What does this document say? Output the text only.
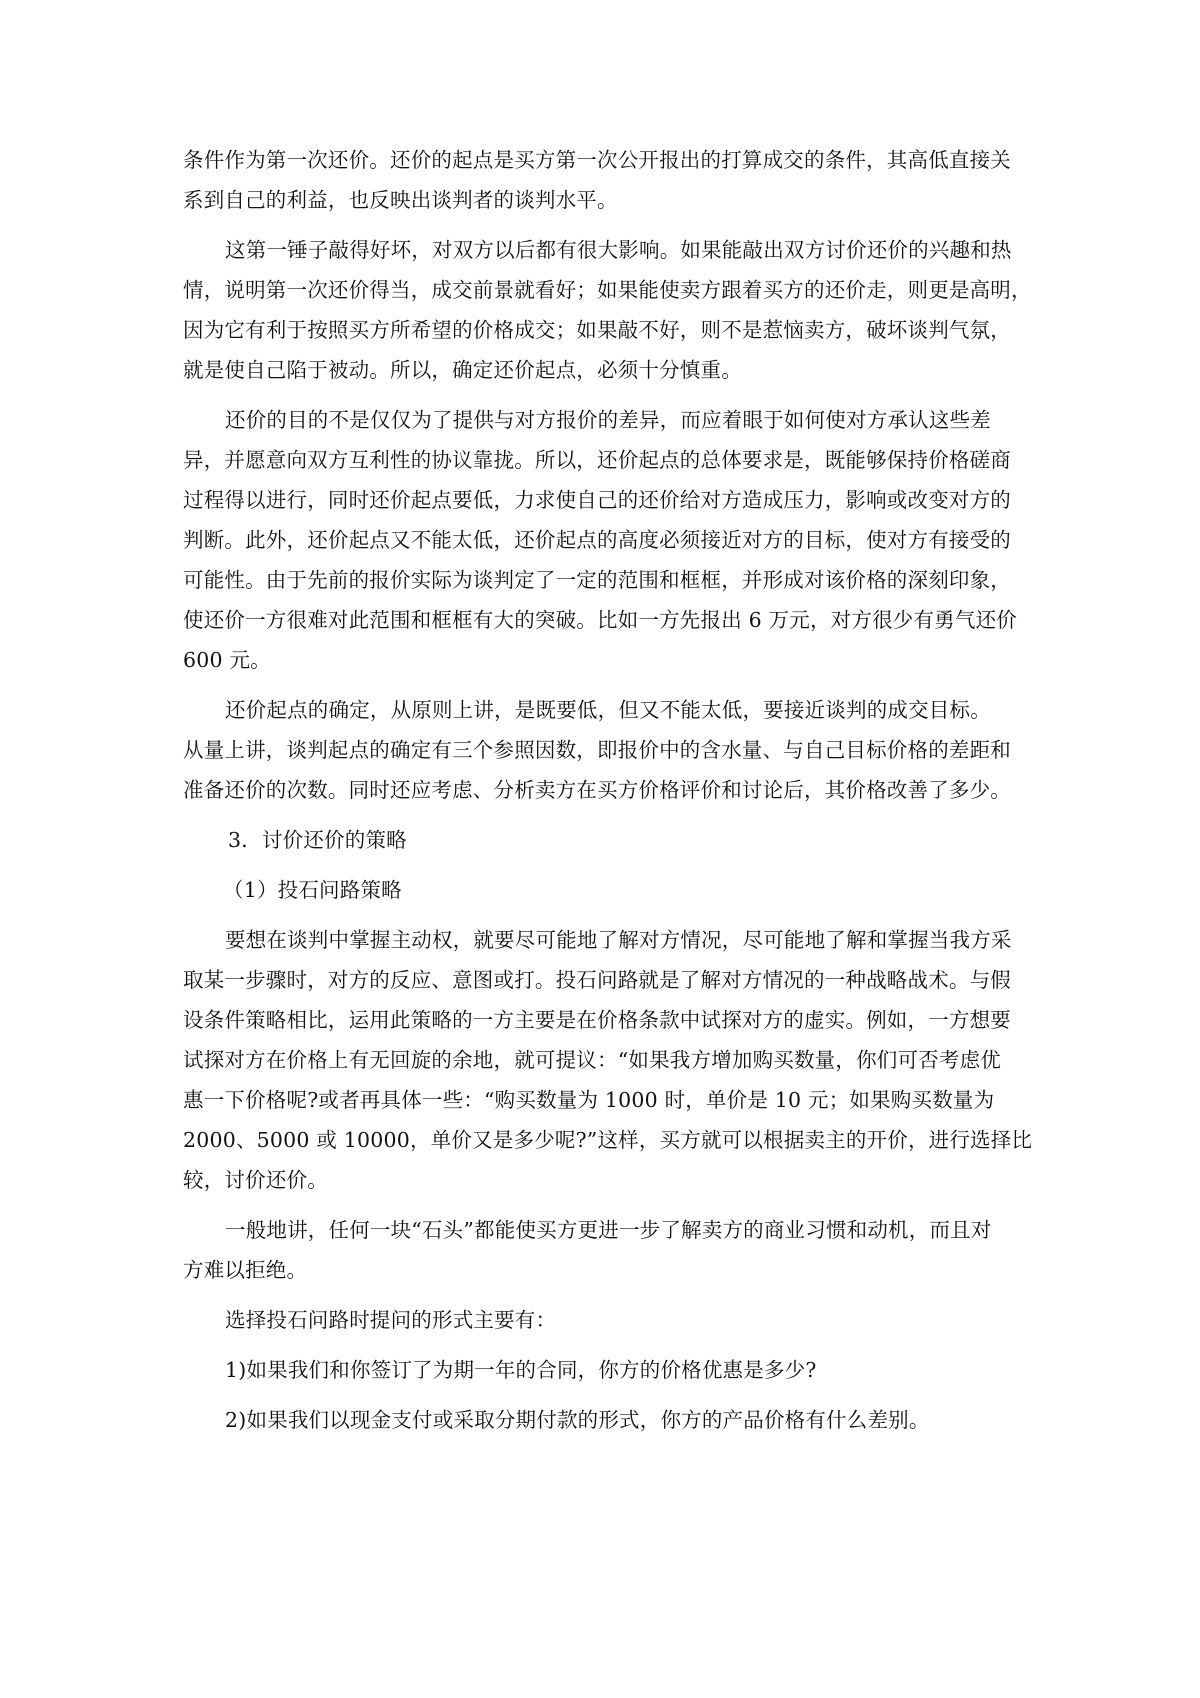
条件作为第一次还价。还价的起点是买方第一次公开报出的打算成交的条件，其高低直接关
系到自己的利益，也反映出谈判者的谈判水平。
这第一锤子敲得好坏，对双方以后都有很大影响。如果能敲出双方讨价还价的兴趣和热
情，说明第一次还价得当，成交前景就看好；如果能使卖方跟着买方的还价走，则更是高明，
因为它有利于按照买方所希望的价格成交；如果敲不好，则不是惹恼卖方，破坏谈判气氛，
就是使自己陷于被动。所以，确定还价起点，必须十分慎重。
还价的目的不是仅仅为了提供与对方报价的差异，而应着眼于如何使对方承认这些差
异，并愿意向双方互利性的协议靠拢。所以，还价起点的总体要求是，既能够保持价格磋商
过程得以进行，同时还价起点要低，力求使自己的还价给对方造成压力，影响或改变对方的
判断。此外，还价起点又不能太低，还价起点的高度必须接近对方的目标，使对方有接受的
可能性。由于先前的报价实际为谈判定了一定的范围和框框，并形成对该价格的深刻印象，
使还价一方很难对此范围和框框有大的突破。比如一方先报出 6 万元，对方很少有勇气还价
600 元。
还价起点的确定，从原则上讲，是既要低，但又不能太低，要接近谈判的成交目标。
从量上讲，谈判起点的确定有三个参照因数，即报价中的含水量、与自己目标价格的差距和
准备还价的次数。同时还应考虑、分析卖方在买方价格评价和讨论后，其价格改善了多少。
3．讨价还价的策略
（1）投石问路策略
要想在谈判中掌握主动权，就要尽可能地了解对方情况，尽可能地了解和掌握当我方采
取某一步骤时，对方的反应、意图或打。投石问路就是了解对方情况的一种战略战术。与假
设条件策略相比，运用此策略的一方主要是在价格条款中试探对方的虚实。例如，一方想要
试探对方在价格上有无回旋的余地，就可提议：“如果我方增加购买数量，你们可否考虑优
惠一下价格呢?或者再具体一些：“购买数量为 1000 时，单价是 10 元；如果购买数量为
2000、5000 或 10000，单价又是多少呢?”这样，买方就可以根据卖主的开价，进行选择比
较，讨价还价。
一般地讲，任何一块“石头”都能使买方更进一步了解卖方的商业习惯和动机，而且对
方难以拒绝。
选择投石问路时提问的形式主要有：
1)如果我们和你签订了为期一年的合同，你方的价格优惠是多少?
2)如果我们以现金支付或采取分期付款的形式，你方的产品价格有什么差别。
